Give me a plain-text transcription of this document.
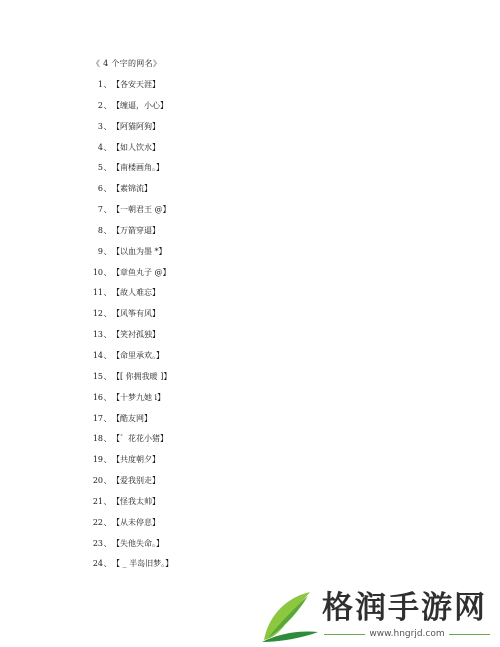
《 4 个字的网名》
1 、 【各安天涯】
2 、 【缠逼，小心】
3 、 【阿猫阿狗】
4 、 【如人饮水】
5 、 【南楼画角。】
6 、 【素锦流】
7 、 【一朝君王 @】
8 、 【万箭穿逼】
9 、 【以血为墨 *】
10 、 【章鱼丸子 @】
11 、 【故人难忘】
12 、 【风筝有风】
13 、 【笑衬孤独】
14 、 【命里承欢。】
15 、 【[ 你拥我暖 ]】
16 、 【十梦九她 i】
17 、 【酷友网】
18 、 【゛花花小猪】
19 、 【共度朝夕】
20 、 【爱我别走】
21 、 【怪我太帅】
22 、 【从未停息】
23 、 【失他失命。】
24 、 【 _ 半岛旧梦。】
格润手游网
www.hngrjd.com
